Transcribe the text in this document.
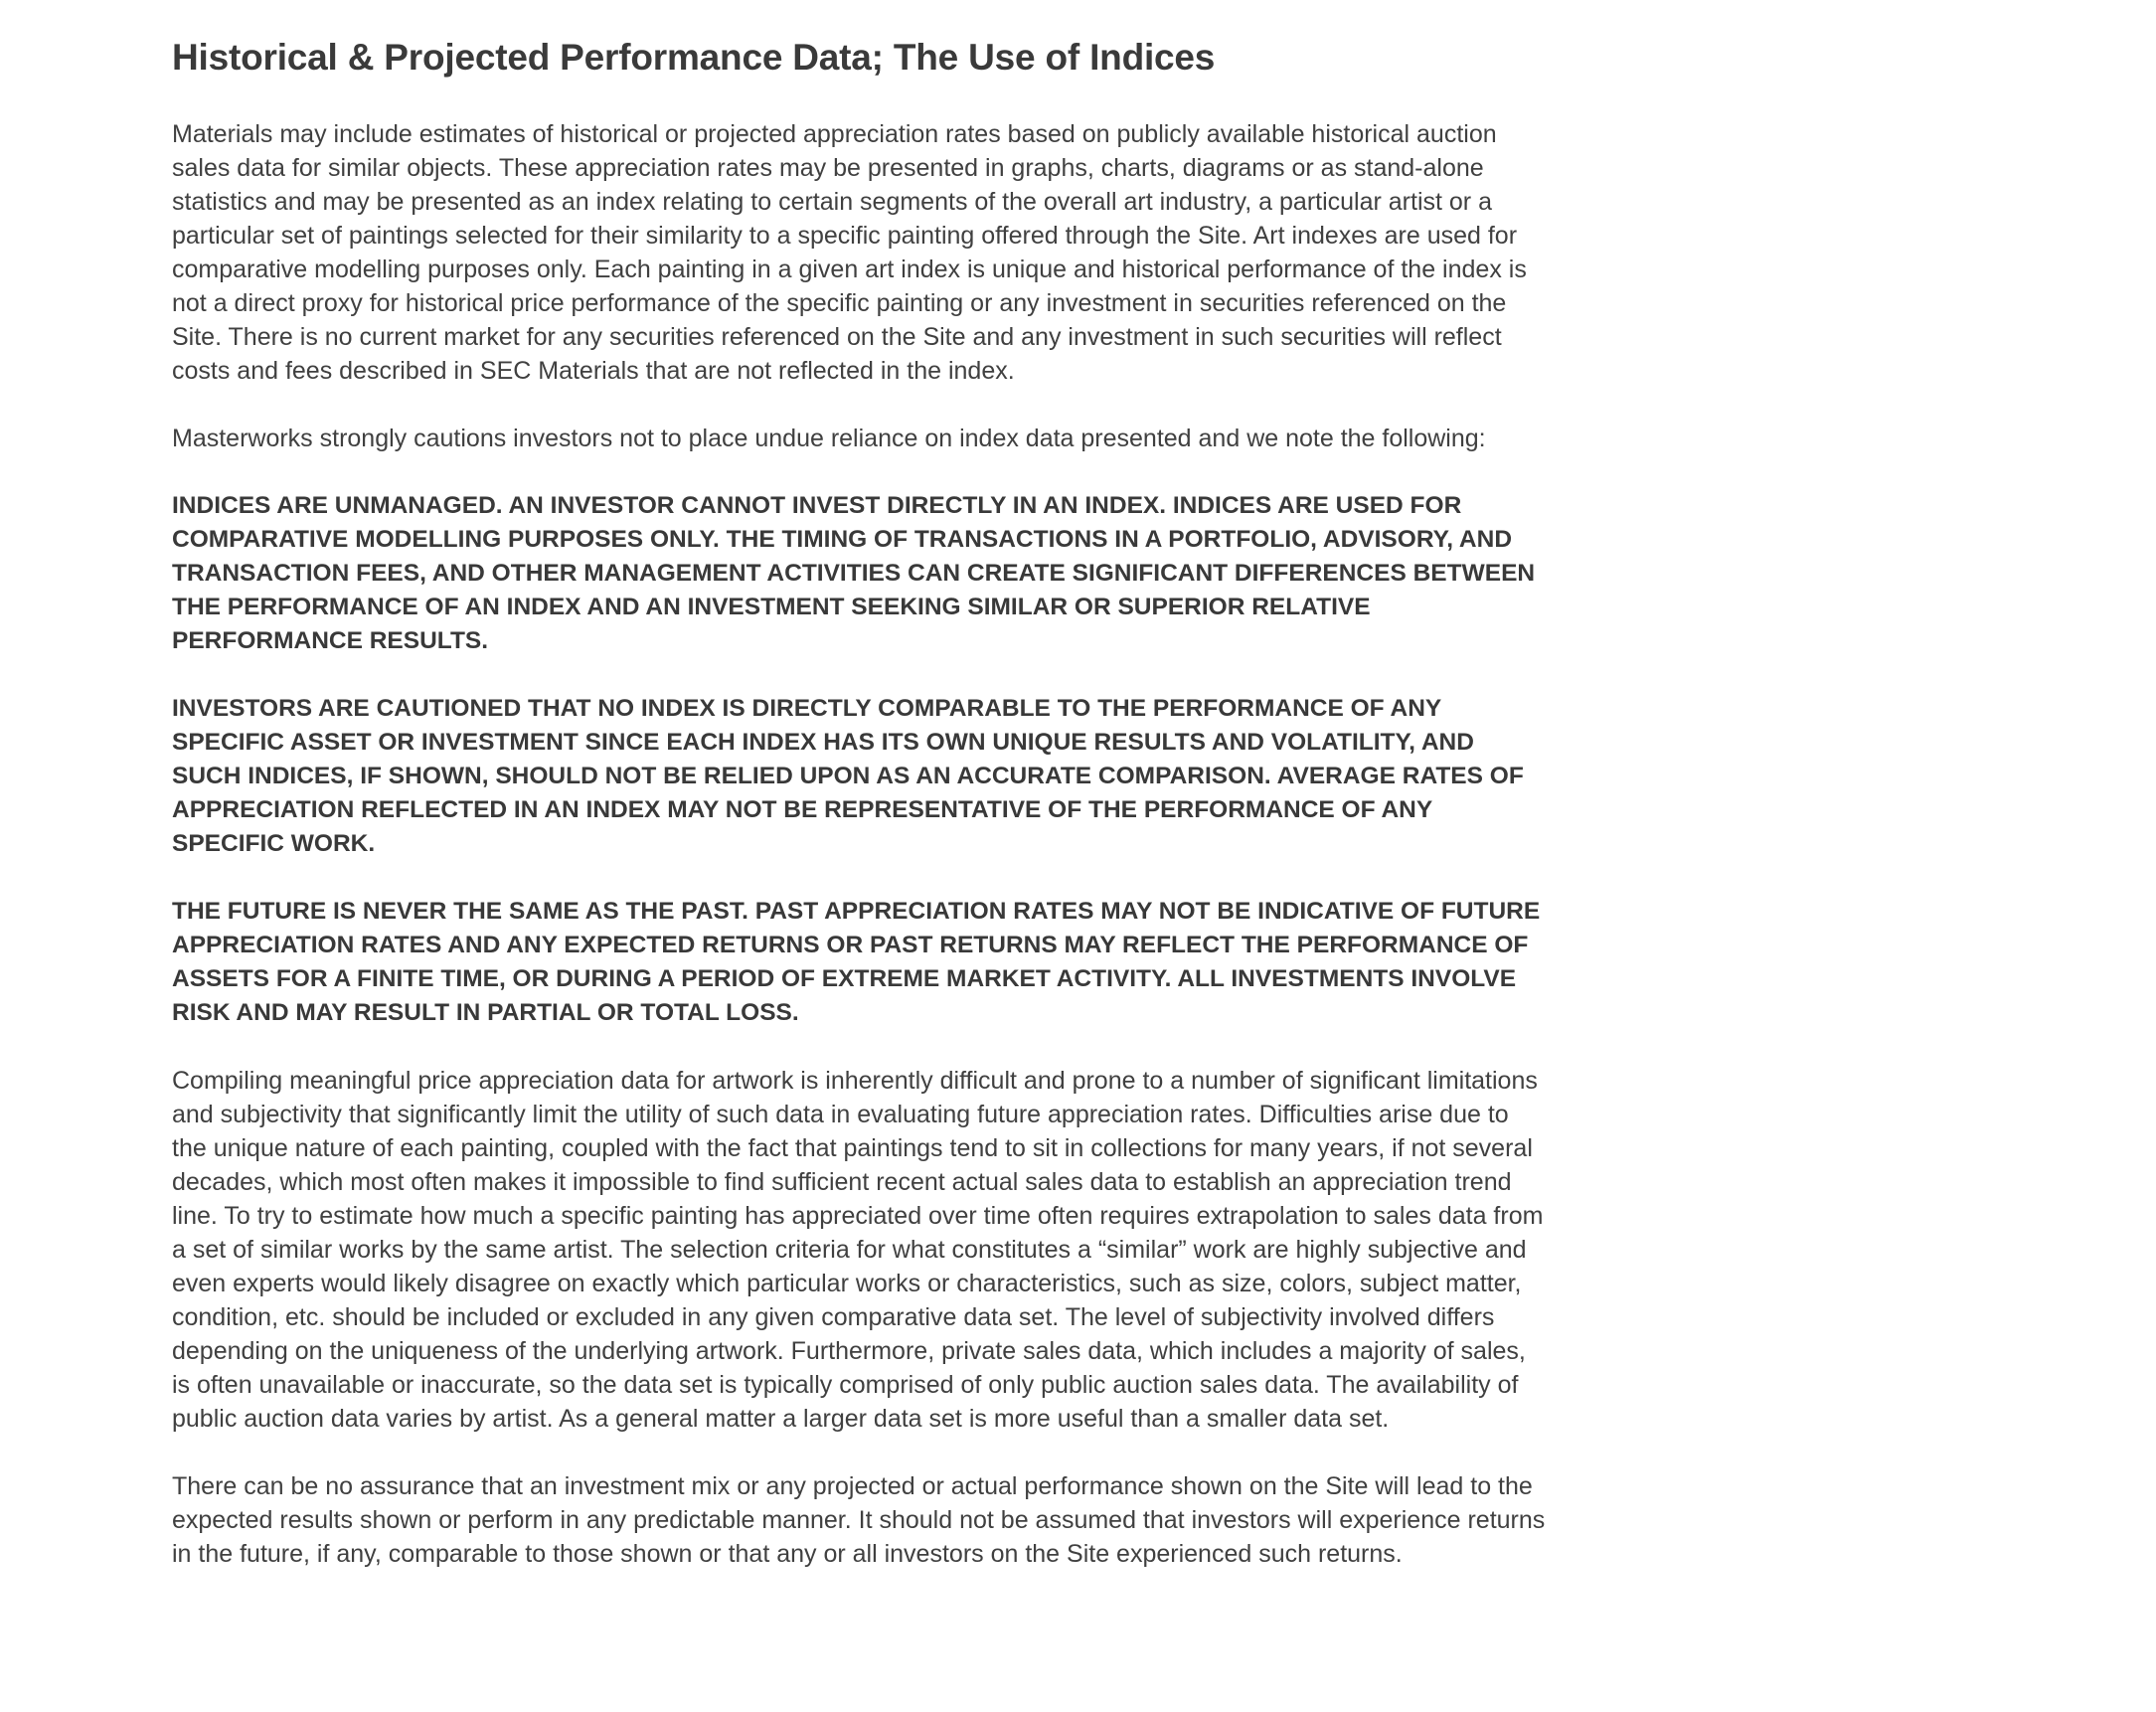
Historical & Projected Performance Data; The Use of Indices

Materials may include estimates of historical or projected appreciation rates based on publicly available historical auction sales data for similar objects. These appreciation rates may be presented in graphs, charts, diagrams or as stand-alone statistics and may be presented as an index relating to certain segments of the overall art industry, a particular artist or a particular set of paintings selected for their similarity to a specific painting offered through the Site. Art indexes are used for comparative modelling purposes only. Each painting in a given art index is unique and historical performance of the index is not a direct proxy for historical price performance of the specific painting or any investment in securities referenced on the Site. There is no current market for any securities referenced on the Site and any investment in such securities will reflect costs and fees described in SEC Materials that are not reflected in the index.

Masterworks strongly cautions investors not to place undue reliance on index data presented and we note the following:

INDICES ARE UNMANAGED. AN INVESTOR CANNOT INVEST DIRECTLY IN AN INDEX. INDICES ARE USED FOR COMPARATIVE MODELLING PURPOSES ONLY. THE TIMING OF TRANSACTIONS IN A PORTFOLIO, ADVISORY, AND TRANSACTION FEES, AND OTHER MANAGEMENT ACTIVITIES CAN CREATE SIGNIFICANT DIFFERENCES BETWEEN THE PERFORMANCE OF AN INDEX AND AN INVESTMENT SEEKING SIMILAR OR SUPERIOR RELATIVE PERFORMANCE RESULTS.

INVESTORS ARE CAUTIONED THAT NO INDEX IS DIRECTLY COMPARABLE TO THE PERFORMANCE OF ANY SPECIFIC ASSET OR INVESTMENT SINCE EACH INDEX HAS ITS OWN UNIQUE RESULTS AND VOLATILITY, AND SUCH INDICES, IF SHOWN, SHOULD NOT BE RELIED UPON AS AN ACCURATE COMPARISON. AVERAGE RATES OF APPRECIATION REFLECTED IN AN INDEX MAY NOT BE REPRESENTATIVE OF THE PERFORMANCE OF ANY SPECIFIC WORK.

THE FUTURE IS NEVER THE SAME AS THE PAST. PAST APPRECIATION RATES MAY NOT BE INDICATIVE OF FUTURE APPRECIATION RATES AND ANY EXPECTED RETURNS OR PAST RETURNS MAY REFLECT THE PERFORMANCE OF ASSETS FOR A FINITE TIME, OR DURING A PERIOD OF EXTREME MARKET ACTIVITY. ALL INVESTMENTS INVOLVE RISK AND MAY RESULT IN PARTIAL OR TOTAL LOSS.

Compiling meaningful price appreciation data for artwork is inherently difficult and prone to a number of significant limitations and subjectivity that significantly limit the utility of such data in evaluating future appreciation rates. Difficulties arise due to the unique nature of each painting, coupled with the fact that paintings tend to sit in collections for many years, if not several decades, which most often makes it impossible to find sufficient recent actual sales data to establish an appreciation trend line. To try to estimate how much a specific painting has appreciated over time often requires extrapolation to sales data from a set of similar works by the same artist. The selection criteria for what constitutes a “similar” work are highly subjective and even experts would likely disagree on exactly which particular works or characteristics, such as size, colors, subject matter, condition, etc. should be included or excluded in any given comparative data set. The level of subjectivity involved differs depending on the uniqueness of the underlying artwork. Furthermore, private sales data, which includes a majority of sales, is often unavailable or inaccurate, so the data set is typically comprised of only public auction sales data. The availability of public auction data varies by artist. As a general matter a larger data set is more useful than a smaller data set.

There can be no assurance that an investment mix or any projected or actual performance shown on the Site will lead to the expected results shown or perform in any predictable manner. It should not be assumed that investors will experience returns in the future, if any, comparable to those shown or that any or all investors on the Site experienced such returns.
